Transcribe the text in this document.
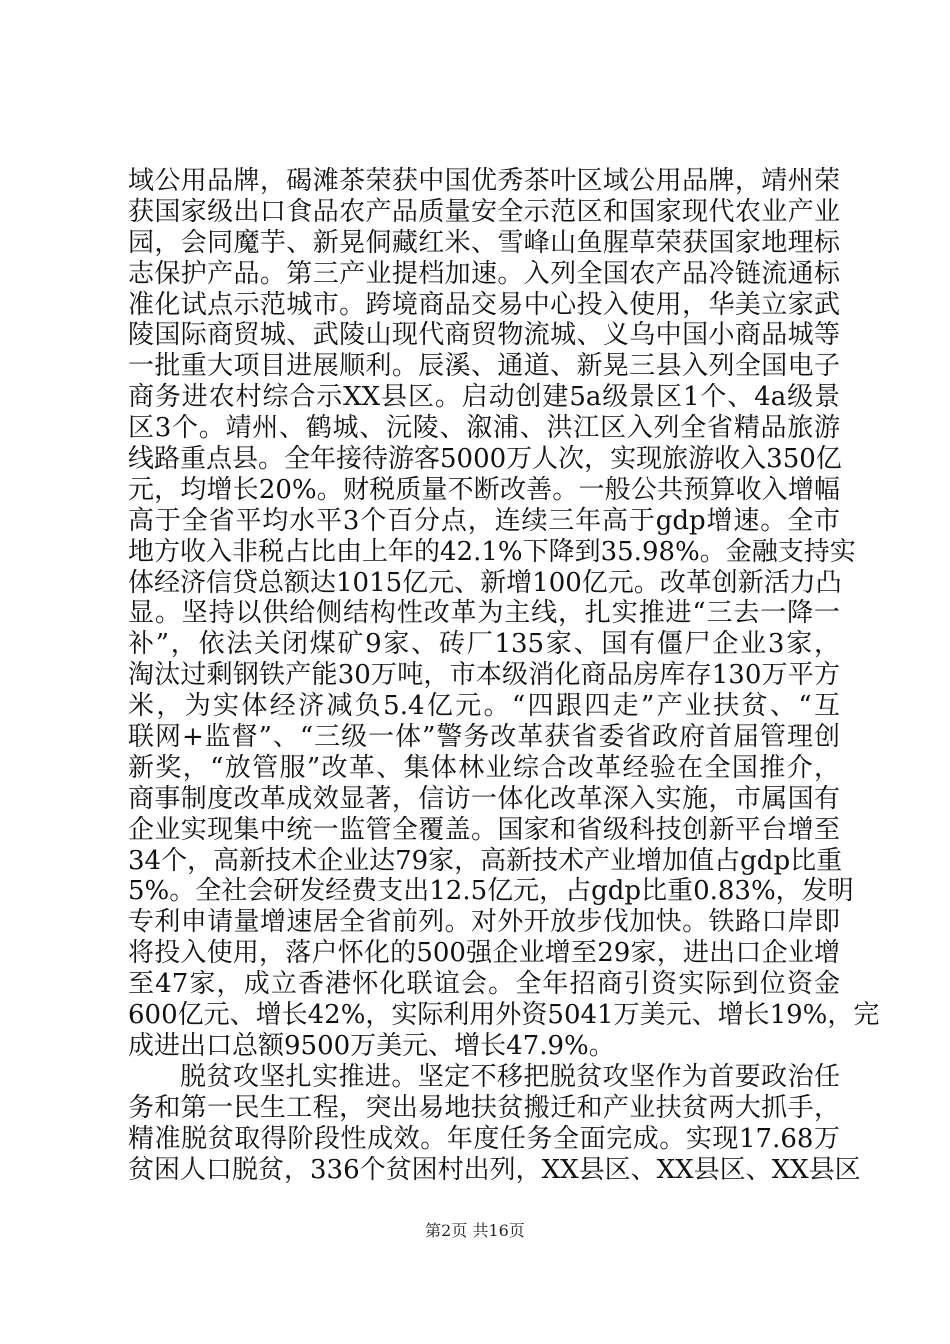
域公用品牌，碣滩茶荣获中国优秀茶叶区域公用品牌，靖州荣
获国家级出口食品农产品质量安全示范区和国家现代农业产业
园，会同魔芋、新晃侗藏红米、雪峰山鱼腥草荣获国家地理标
志保护产品。第三产业提档加速。入列全国农产品冷链流通标
准化试点示范城市。跨境商品交易中心投入使用，华美立家武
陵国际商贸城、武陵山现代商贸物流城、义乌中国小商品城等
一批重大项目进展顺利。辰溪、通道、新晃三县入列全国电子
商务进农村综合示XX县区。启动创建5a级景区1个、4a级景
区3个。靖州、鹤城、沅陵、溆浦、洪江区入列全省精品旅游
线路重点县。全年接待游客5000万人次，实现旅游收入350亿
元，均增长20%。财税质量不断改善。一般公共预算收入增幅
高于全省平均水平3个百分点，连续三年高于gdp增速。全市
地方收入非税占比由上年的42.1%下降到35.98%。金融支持实
体经济信贷总额达1015亿元、新增100亿元。改革创新活力凸
显。坚持以供给侧结构性改革为主线，扎实推进“三去一降一
补”，依法关闭煤矿9家、砖厂135家、国有僵尸企业3家，
淘汰过剩钢铁产能30万吨，市本级消化商品房库存130万平方
米，为实体经济减负5.4亿元。“四跟四走”产业扶贫、“互
联网+监督”、“三级一体”警务改革获省委省政府首届管理创
新奖，“放管服”改革、集体林业综合改革经验在全国推介，
商事制度改革成效显著，信访一体化改革深入实施，市属国有
企业实现集中统一监管全覆盖。国家和省级科技创新平台增至
34个，高新技术企业达79家，高新技术产业增加值占gdp比重
5%。全社会研发经费支出12.5亿元，占gdp比重0.83%，发明
专利申请量增速居全省前列。对外开放步伐加快。铁路口岸即
将投入使用，落户怀化的500强企业增至29家，进出口企业增
至47家，成立香港怀化联谊会。全年招商引资实际到位资金
600亿元、增长42%，实际利用外资5041万美元、增长19%，完
成进出口总额9500万美元、增长47.9%。
脱贫攻坚扎实推进。坚定不移把脱贫攻坚作为首要政治任
务和第一民生工程，突出易地扶贫搬迁和产业扶贫两大抓手，
精准脱贫取得阶段性成效。年度任务全面完成。实现17.68万
贫困人口脱贫，336个贫困村出列，XX县区、XX县区、XX县区
第2页 共16页
